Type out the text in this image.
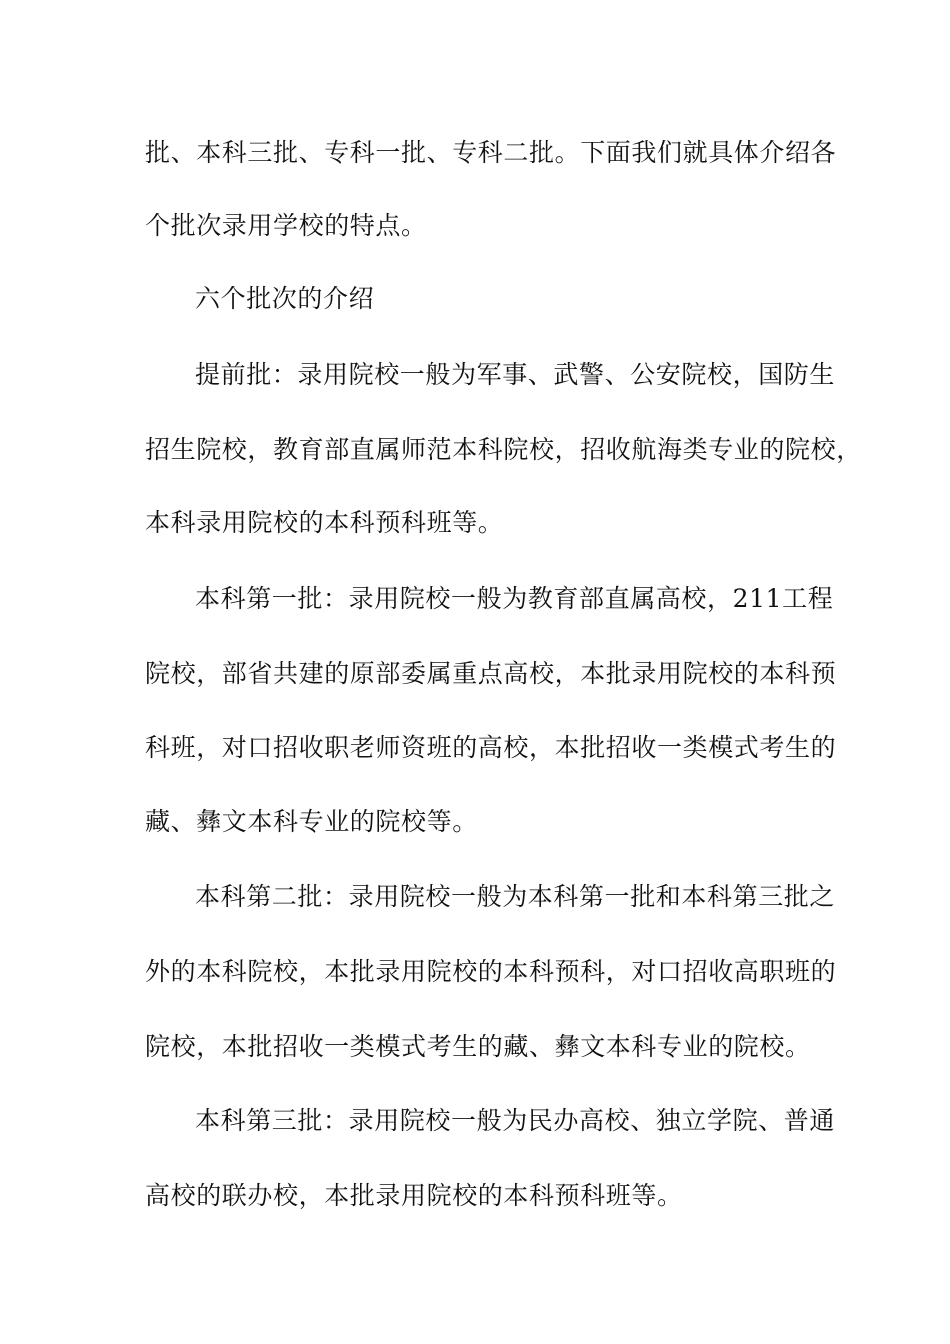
批、本科三批、专科一批、专科二批。下面我们就具体介绍各
个批次录用学校的特点。
六个批次的介绍
提前批：录用院校一般为军事、武警、公安院校，国防生
招生院校，教育部直属师范本科院校，招收航海类专业的院校，
本科录用院校的本科预科班等。
本科第一批：录用院校一般为教育部直属高校，211工程
院校，部省共建的原部委属重点高校，本批录用院校的本科预
科班，对口招收职老师资班的高校，本批招收一类模式考生的
藏、彝文本科专业的院校等。
本科第二批：录用院校一般为本科第一批和本科第三批之
外的本科院校，本批录用院校的本科预科，对口招收高职班的
院校，本批招收一类模式考生的藏、彝文本科专业的院校。
本科第三批：录用院校一般为民办高校、独立学院、普通
高校的联办校，本批录用院校的本科预科班等。
